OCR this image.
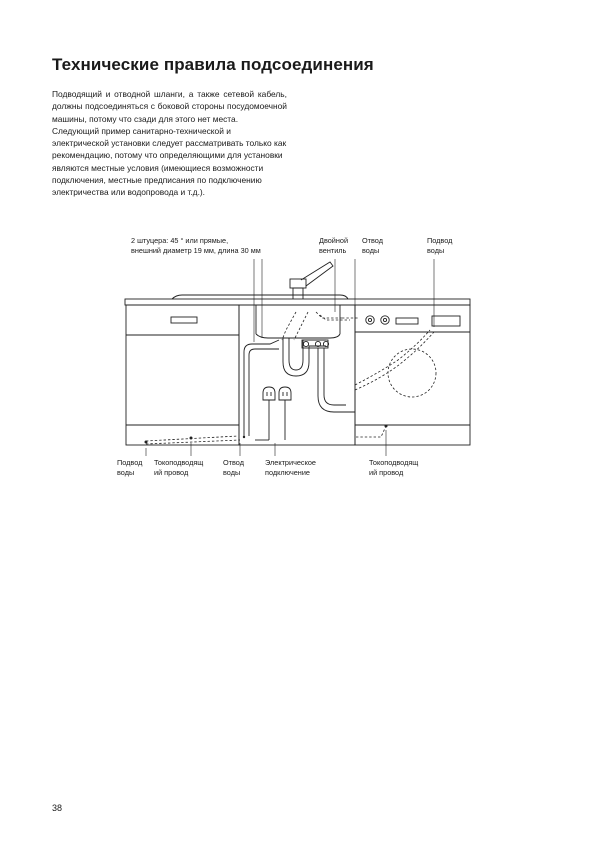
Технические правила подсоединения

Подводящий и отводной шланги, а также сетевой кабель, должны подсоединяться с боковой стороны посудомоечной машины, потому что сзади для этого нет места.

Следующий пример санитарно-технической и электрической установки следует рассматривать только как рекомендацию, потому что определяющими для установки являются местные условия (имеющиеся возможности подключения, местные предписания по подключению электричества или водопровода и т.д.).

2 штуцера: 45 ° или прямые,
внешний диаметр 19 мм, длина 30 мм
Двойной
вентиль
Отвод
воды
Подвод
воды
Подвод
воды
Токоподводящ
ий провод
Отвод
воды
Электрическое
подключение
Токоподводящ
ий провод
38
